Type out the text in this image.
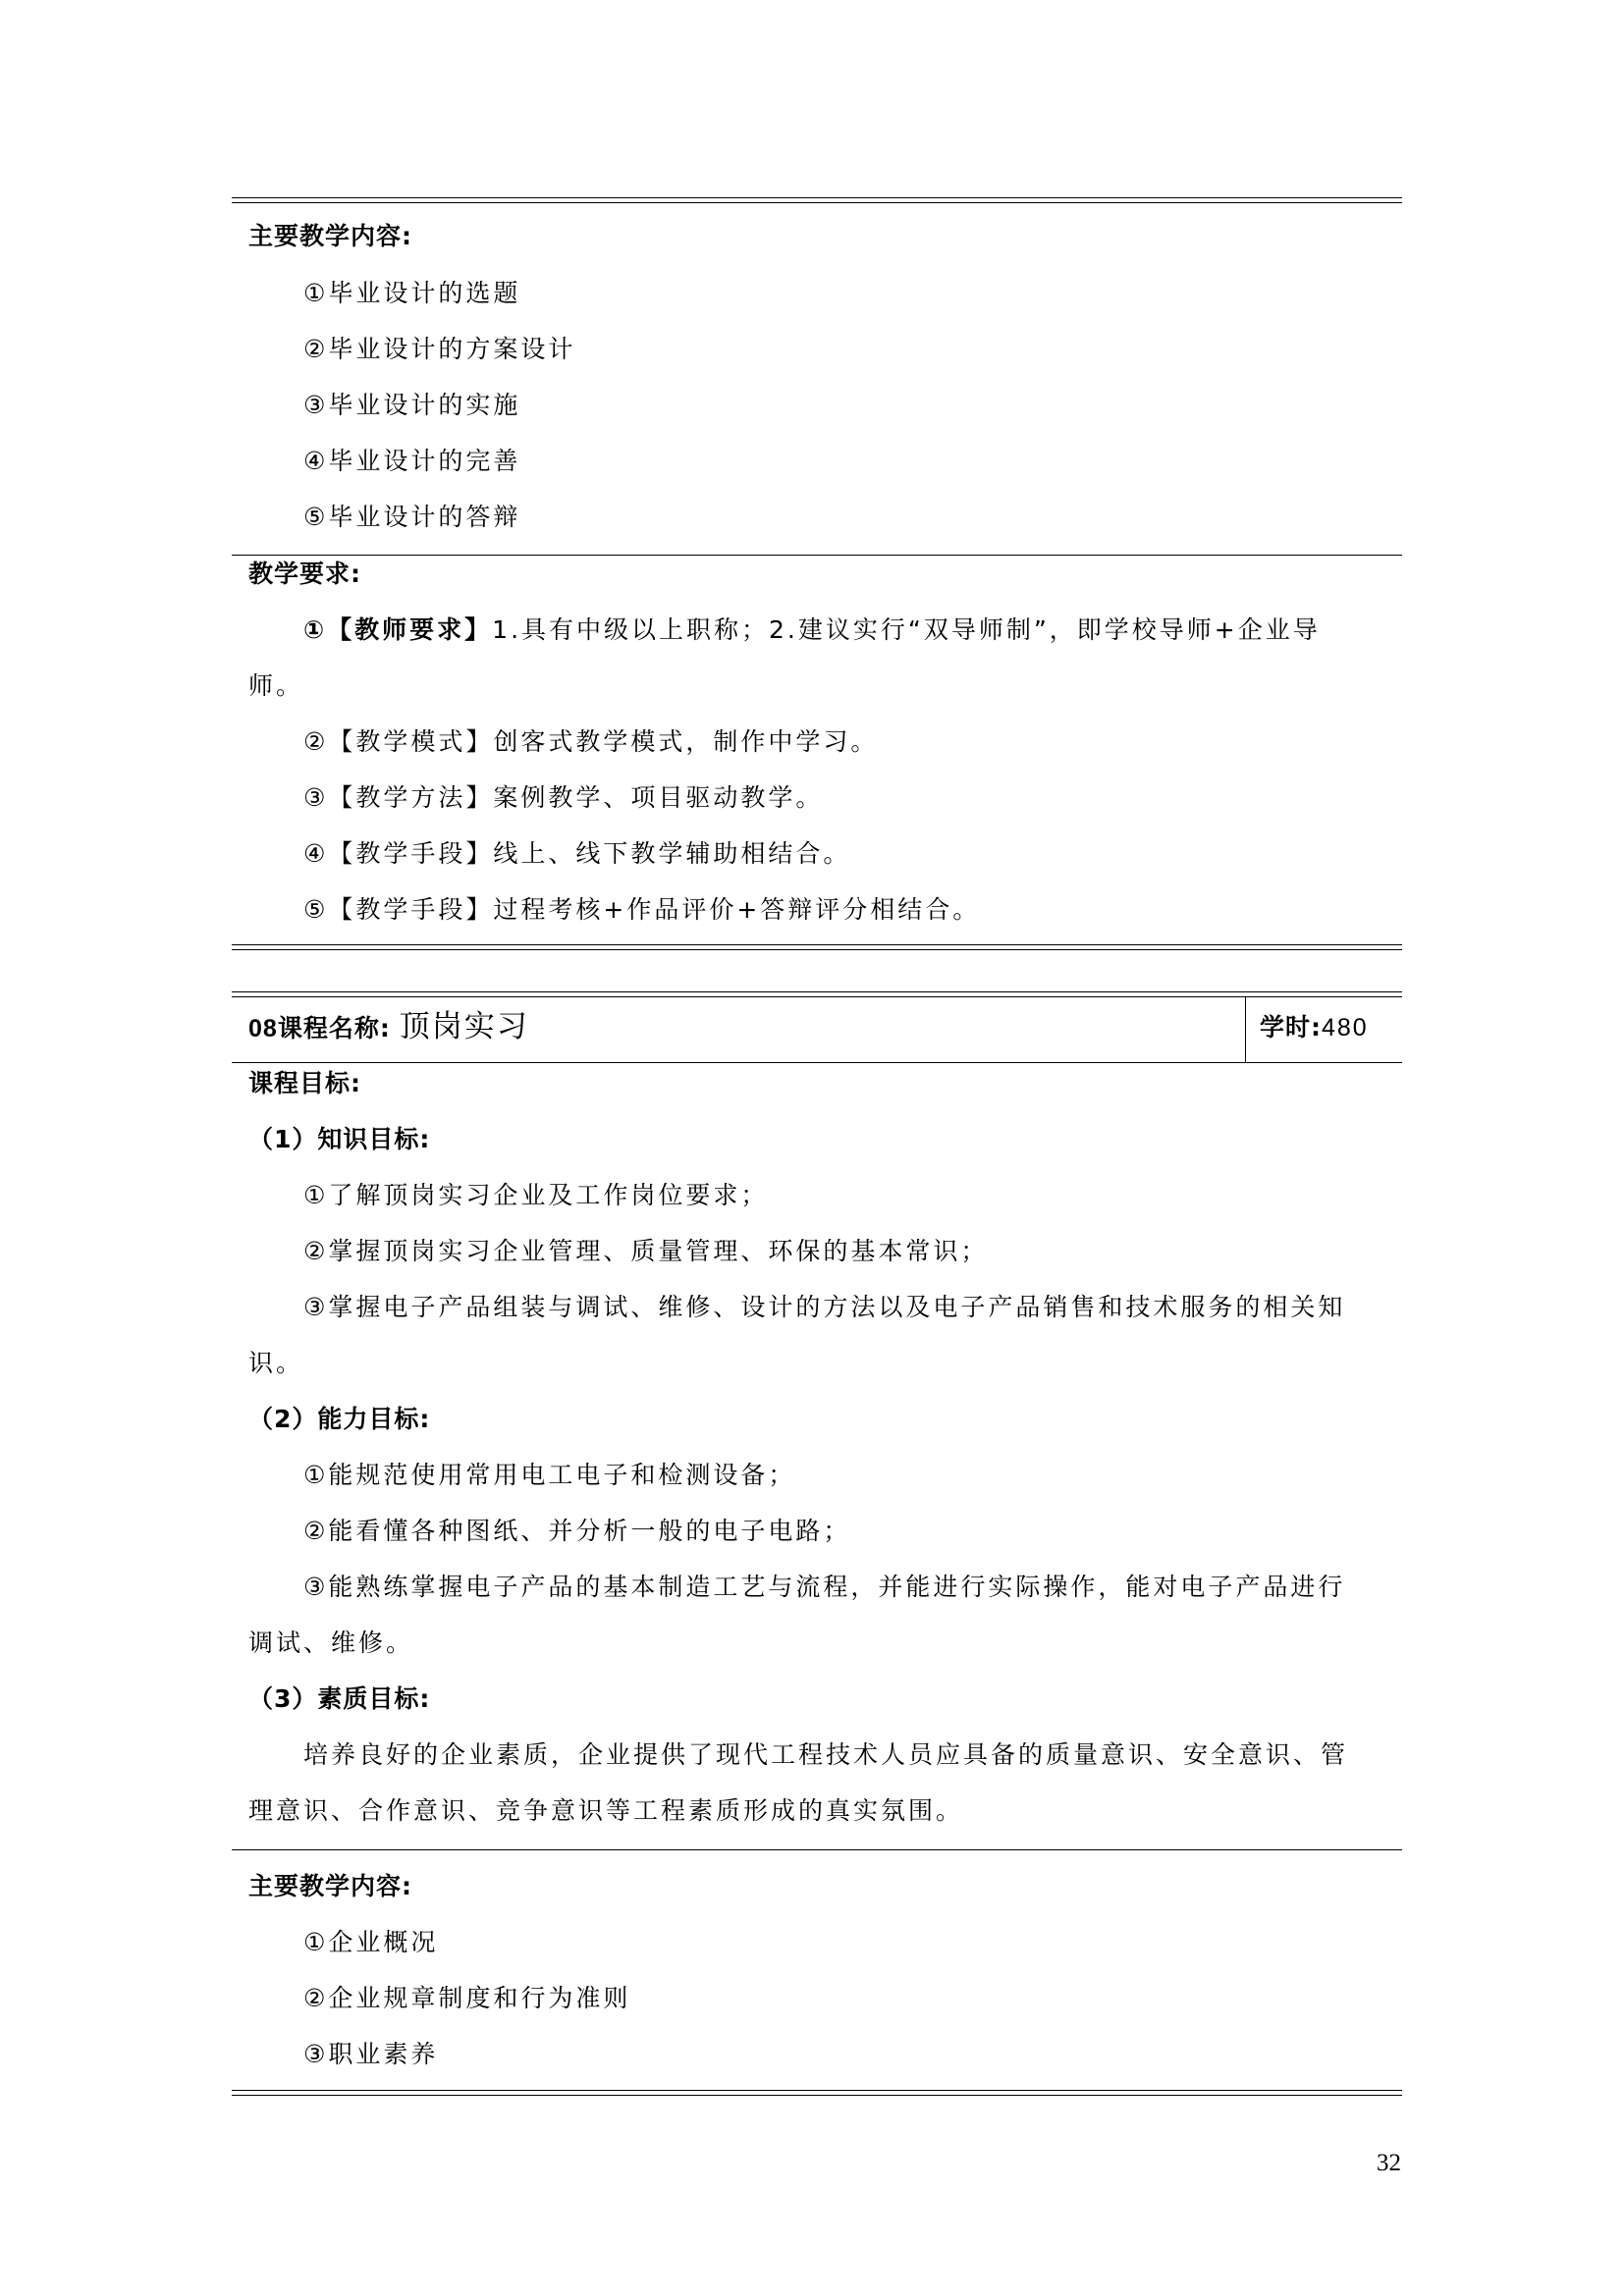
主要教学内容:
①毕业设计的选题
②毕业设计的方案设计
③毕业设计的实施
④毕业设计的完善
⑤毕业设计的答辩
教学要求:
①【教师要求】1.具有中级以上职称；2.建议实行“双导师制”，即学校导师+企业导
师。
②【教学模式】创客式教学模式，制作中学习。
③【教学方法】案例教学、项目驱动教学。
④【教学手段】线上、线下教学辅助相结合。
⑤【教学手段】过程考核+作品评价+答辩评分相结合。
08课程名称: 顶岗实习	学时:480
课程目标:
（1）知识目标:
①了解顶岗实习企业及工作岗位要求；
②掌握顶岗实习企业管理、质量管理、环保的基本常识；
③掌握电子产品组装与调试、维修、设计的方法以及电子产品销售和技术服务的相关知
识。
（2）能力目标:
①能规范使用常用电工电子和检测设备；
②能看懂各种图纸、并分析一般的电子电路；
③能熟练掌握电子产品的基本制造工艺与流程，并能进行实际操作，能对电子产品进行
调试、维修。
（3）素质目标:
培养良好的企业素质，企业提供了现代工程技术人员应具备的质量意识、安全意识、管
理意识、合作意识、竞争意识等工程素质形成的真实氛围。
主要教学内容:
①企业概况
②企业规章制度和行为准则
③职业素养
32
